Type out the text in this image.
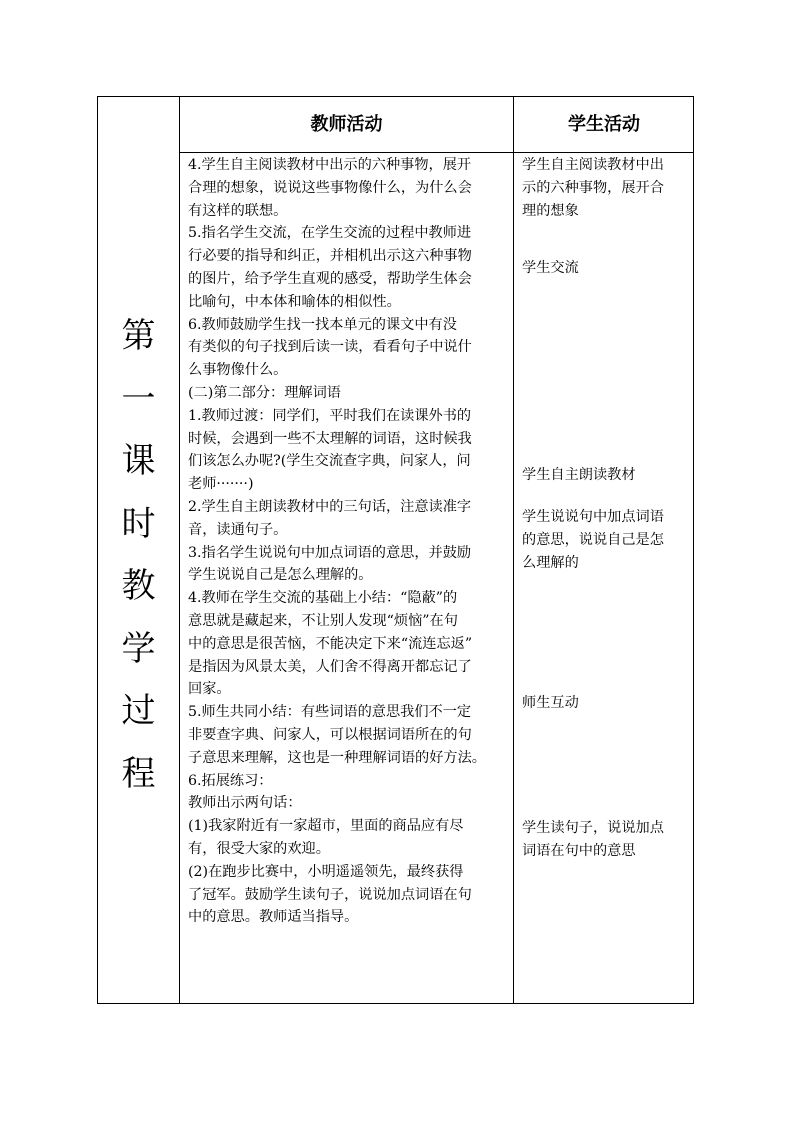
教师活动	学生活动
第
一
课
时
教
学
过
程
4.学生自主阅读教材中出示的六种事物，展开
合理的想象，说说这些事物像什么，为什么会
有这样的联想。
5.指名学生交流，在学生交流的过程中教师进
行必要的指导和纠正，并相机出示这六种事物
的图片，给予学生直观的感受，帮助学生体会
比喻句，中本体和喻体的相似性。
6.教师鼓励学生找一找本单元的课文中有没
有类似的句子找到后读一读，看看句子中说什
么事物像什么。
(二)第二部分：理解词语
1.教师过渡：同学们，平时我们在读课外书的
时候，会遇到一些不太理解的词语，这时候我
们该怎么办呢?(学生交流查字典，问家人，问
老师·······)
2.学生自主朗读教材中的三句话，注意读准字
音，读通句子。
3.指名学生说说句中加点词语的意思，并鼓励
学生说说自己是怎么理解的。
4.教师在学生交流的基础上小结：“隐蔽”的
意思就是藏起来，不让别人发现“烦恼”在句
中的意思是很苦恼，不能决定下来“流连忘返”
是指因为风景太美，人们舍不得离开都忘记了
回家。
5.师生共同小结：有些词语的意思我们不一定
非要查字典、问家人，可以根据词语所在的句
子意思来理解，这也是一种理解词语的好方法。
6.拓展练习：
教师出示两句话：
(1)我家附近有一家超市，里面的商品应有尽
有，很受大家的欢迎。
(2)在跑步比赛中，小明遥遥领先，最终获得
了冠军。鼓励学生读句子，说说加点词语在句
中的意思。教师适当指导。
学生自主阅读教材中出
示的六种事物，展开合
理的想象
学生交流
学生自主朗读教材
学生说说句中加点词语
的意思，说说自己是怎
么理解的
师生互动
学生读句子，说说加点
词语在句中的意思
